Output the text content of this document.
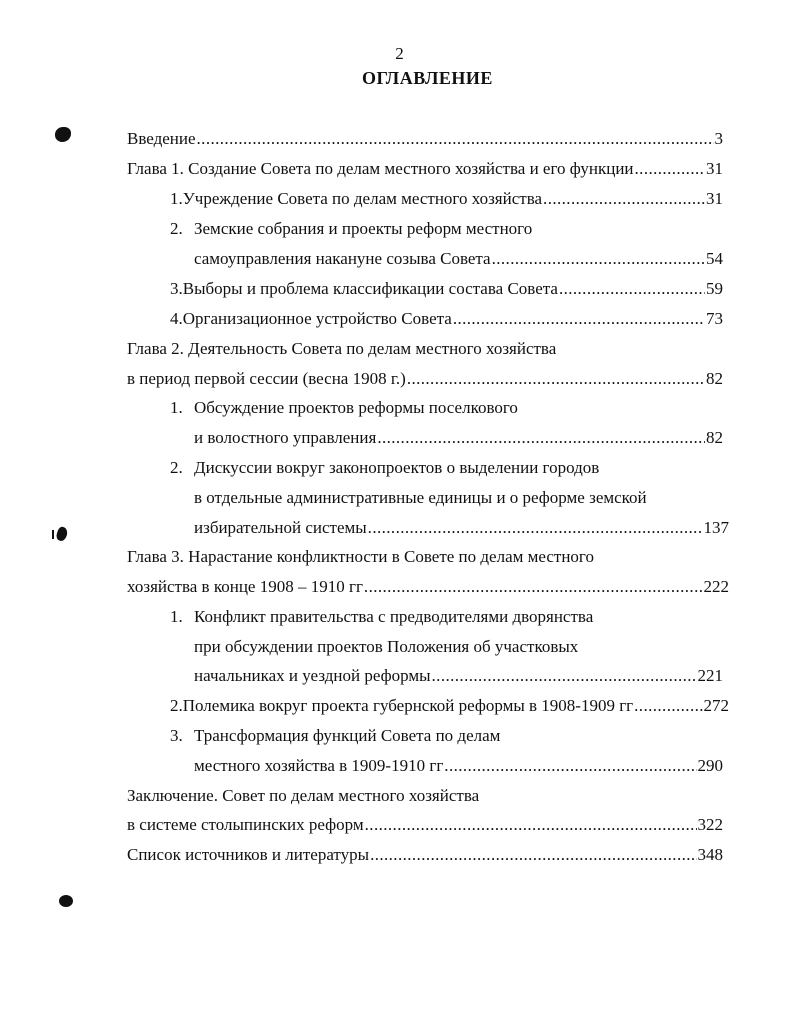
2
ОГЛАВЛЕНИЕ
Введение .....	3
Глава 1. Создание Совета по делам местного хозяйства и его функции .....	31
1. Учреждение Совета по делам местного хозяйства .....	31
2. Земские собрания и проекты реформ местного
самоуправления накануне созыва Совета .....	54
3. Выборы и проблема классификации состава Совета .....	59
4. Организационное устройство Совета .....	73
Глава 2. Деятельность Совета по делам местного хозяйства
в период первой сессии (весна 1908 г.) .....	82
1. Обсуждение проектов реформы поселкового
и волостного управления .....	82
2. Дискуссии вокруг законопроектов о выделении городов
в отдельные административные единицы и о реформе земской
избирательной системы .....	137
Глава 3. Нарастание конфликтности в Совете по делам местного
хозяйства в конце 1908 – 1910 гг .....	222
1. Конфликт правительства с предводителями дворянства
при обсуждении проектов Положения об участковых
начальниках и уездной реформы .....	221
2. Полемика вокруг проекта губернской реформы в 1908-1909 гг .....	272
3. Трансформация функций Совета по делам
местного хозяйства в 1909-1910 гг .....	290
Заключение. Совет по делам местного хозяйства
в системе столыпинских реформ .....	322
Список источников и литературы .....	348
